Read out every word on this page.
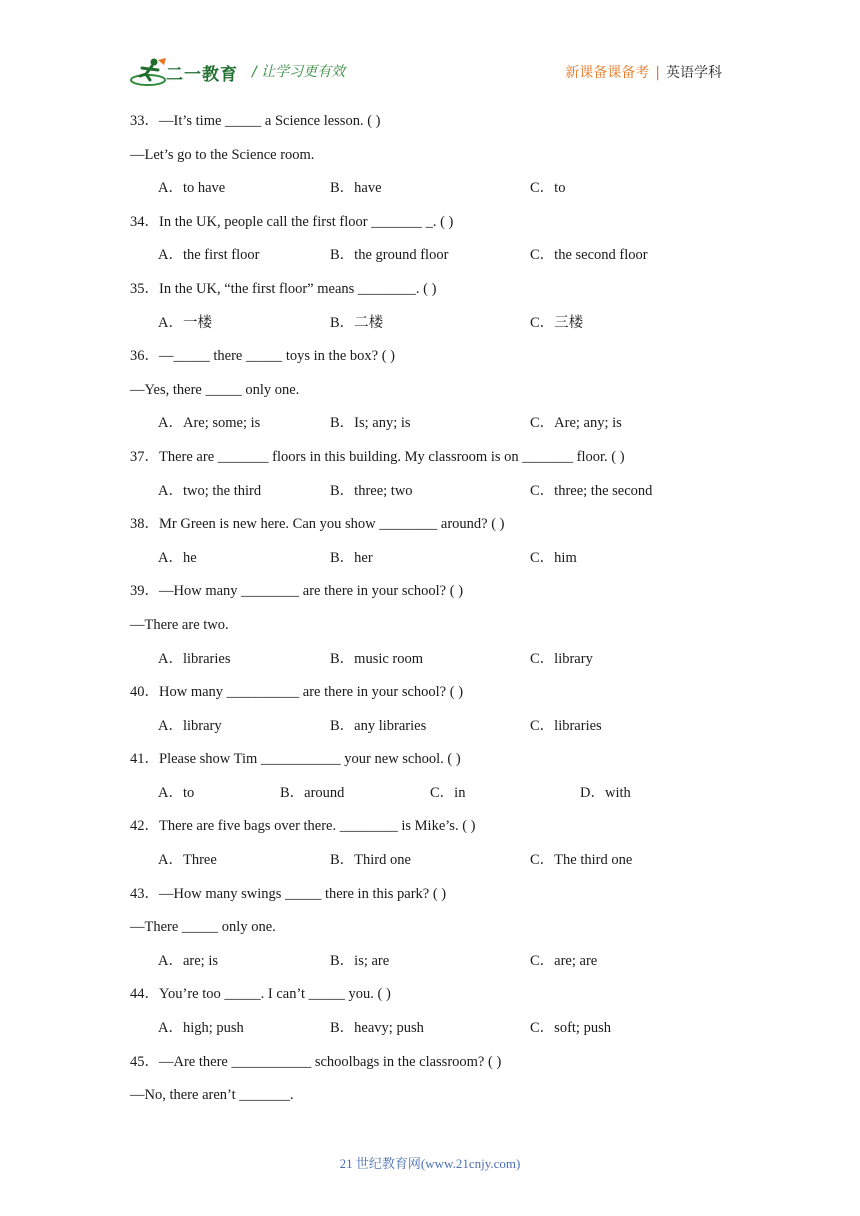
二一教育 / 让学习更有效	新课备课备考 | 英语学科
33．—It’s time _____ a Science lesson. ( )
—Let’s go to the Science room.
A．to have	B．have	C．to
34．In the UK, people call the first floor _______ _. ( )
A．the first floor	B．the ground floor	C．the second floor
35．In the UK, “the first floor” means ________. ( )
A．一楼	B．二楼	C．三楼
36．—_____ there _____ toys in the box? ( )
—Yes, there _____ only one.
A．Are; some; is	B．Is; any; is	C．Are; any; is
37．There are _______ floors in this building. My classroom is on _______ floor. ( )
A．two; the third	B．three; two	C．three; the second
38．Mr Green is new here. Can you show ________ around? ( )
A．he	B．her	C．him
39．—How many ________ are there in your school? ( )
—There are two.
A．libraries	B．music room	C．library
40．How many __________ are there in your school? ( )
A．library	B．any libraries	C．libraries
41．Please show Tim ___________ your new school. ( )
A．to	B．around	C．in	D．with
42．There are five bags over there. ________ is Mike’s. ( )
A．Three	B．Third one	C．The third one
43．—How many swings _____ there in this park? ( )
—There _____ only one.
A．are; is	B．is; are	C．are; are
44．You’re too _____. I can’t _____ you. ( )
A．high; push	B．heavy; push	C．soft; push
45．—Are there ___________ schoolbags in the classroom? ( )
—No, there aren’t _______.
21 世纪教育网(www.21cnjy.com)
